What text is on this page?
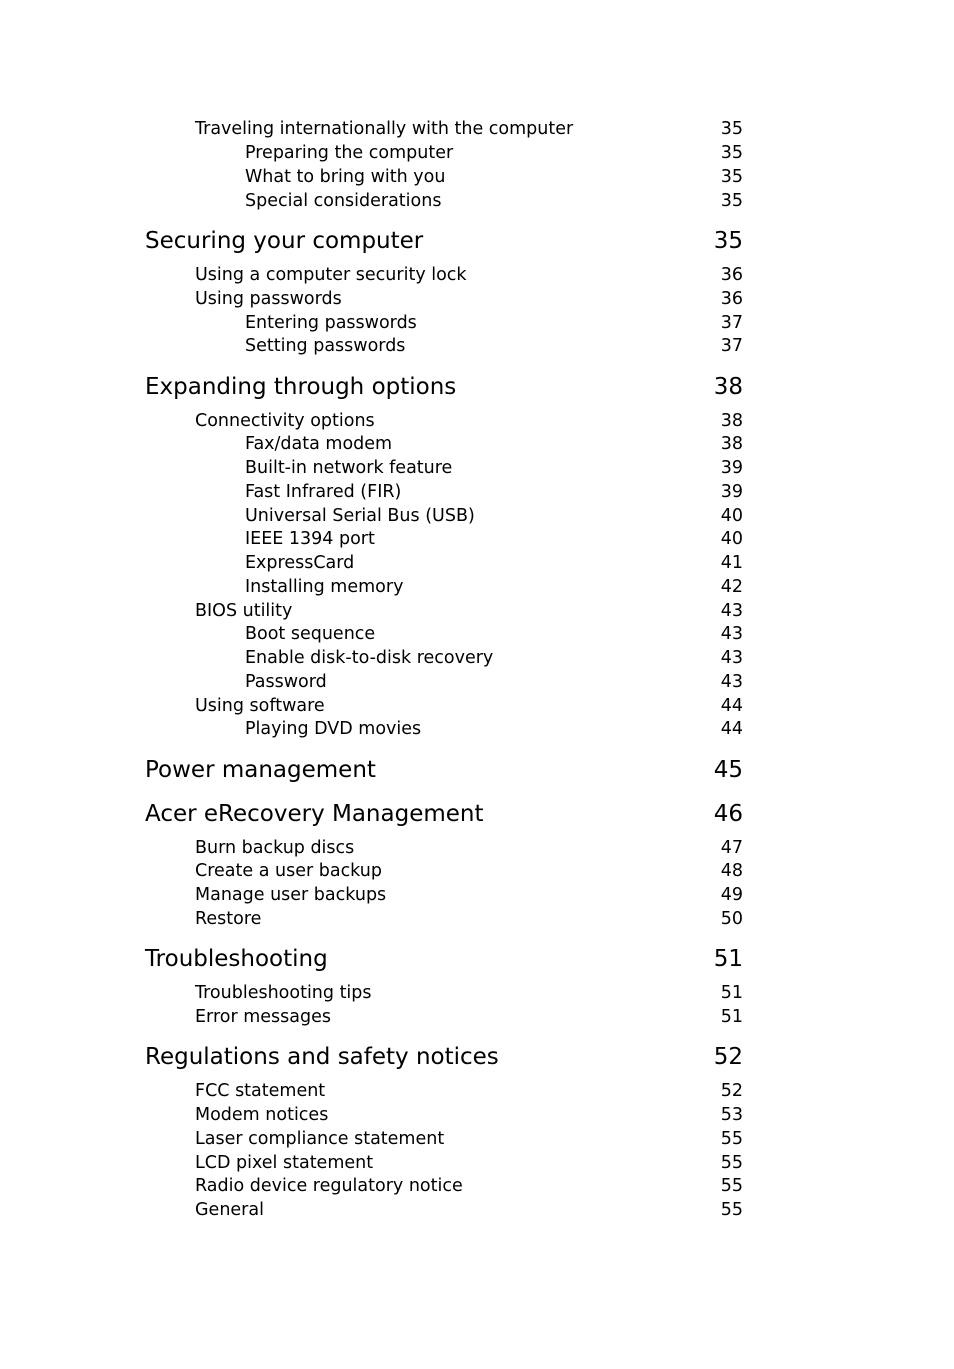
Traveling internationally with the computer	35
Preparing the computer	35
What to bring with you	35
Special considerations	35
Securing your computer	35
Using a computer security lock	36
Using passwords	36
Entering passwords	37
Setting passwords	37
Expanding through options	38
Connectivity options	38
Fax/data modem	38
Built-in network feature	39
Fast Infrared (FIR)	39
Universal Serial Bus (USB)	40
IEEE 1394 port	40
ExpressCard	41
Installing memory	42
BIOS utility	43
Boot sequence	43
Enable disk-to-disk recovery	43
Password	43
Using software	44
Playing DVD movies	44
Power management	45
Acer eRecovery Management	46
Burn backup discs	47
Create a user backup	48
Manage user backups	49
Restore	50
Troubleshooting	51
Troubleshooting tips	51
Error messages	51
Regulations and safety notices	52
FCC statement	52
Modem notices	53
Laser compliance statement	55
LCD pixel statement	55
Radio device regulatory notice	55
General	55
